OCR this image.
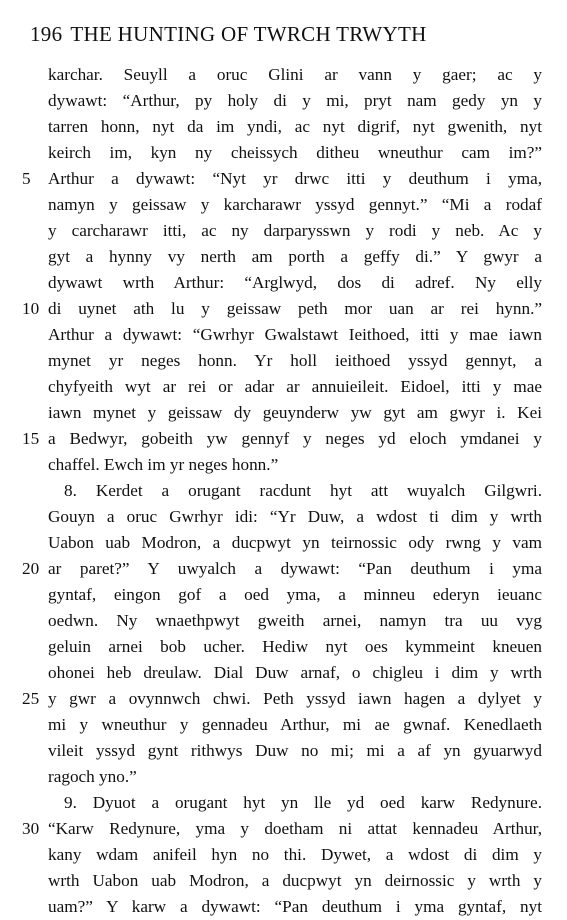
196 THE HUNTING OF TWRCH TRWYTH
karchar. Seuyll a oruc Glini ar vann y gaer; ac y
dywawt: “Arthur, py holy di y mi, pryt nam gedy yn y
tarren honn, nyt da im yndi, ac nyt digrif, nyt gwenith, nyt
keirch im, kyn ny cheissych ditheu wneuthur cam im?”
5	Arthur a dywawt: “Nyt yr drwc itti y deuthum i yma,
namyn y geissaw y karcharawr yssyd gennyt.” “Mi a rodaf
y carcharawr itti, ac ny darparysswn y rodi y neb. Ac y
gyt a hynny vy nerth am porth a geffy di.” Y gwyr a
dywawt wrth Arthur: “Arglwyd, dos di adref. Ny elly
10 di uynet ath lu y geissaw peth mor uan ar rei hynn.”
Arthur a dywawt: “Gwrhyr Gwalstawt Ieithoed, itti y mae iawn
mynet yr neges honn. Yr holl ieithoed yssyd gennyt, a
chyfyeith wyt ar rei or adar ar annuieileit. Eidoel, itti y mae
iawn mynet y geissaw dy geuynderw yw gyt am gwyr i. Kei
15 a Bedwyr, gobeith yw gennyf y neges yd eloch ymdanei y
chaffel. Ewch im yr neges honn.”
8. Kerdet a orugant racdunt hyt att wuyalch Gilgwri.
Gouyn a oruc Gwrhyr idi: “Yr Duw, a wdost ti dim y wrth
Uabon uab Modron, a ducpwyt yn teirnossic ody rwng y vam
20 ar paret?” Y uwyalch a dywawt: “Pan deuthum i yma
gyntaf, eingon gof a oed yma, a minneu ederyn ieuanc
oedwn. Ny wnaethpwyt gweith arnei, namyn tra uu vyg
geluin arnei bob ucher. Hediw nyt oes kymmeint kneuen
ohonei heb dreulaw. Dial Duw arnaf, o chigleu i dim y wrth
25 y gwr a ovynnwch chwi. Peth yssyd iawn hagen a dylyet y
mi y wneuthur y gennadeu Arthur, mi ae gwnaf. Kenedlaeth
vileit yssyd gynt rithwys Duw no mi; mi a af yn gyuarwyd
ragoch yno.”
9. Dyuot a orugant hyt yn lle yd oed karw Redynure.
30 “Karw Redynure, yma y doetham ni attat kennadeu Arthur,
kany wdam anifeil hyn no thi. Dywet, a wdost di dim y
wrth Uabon uab Modron, a ducpwyt yn deirnossic y wrth y
uam?” Y karw a dywawt: “Pan deuthum i yma gyntaf, nyt
